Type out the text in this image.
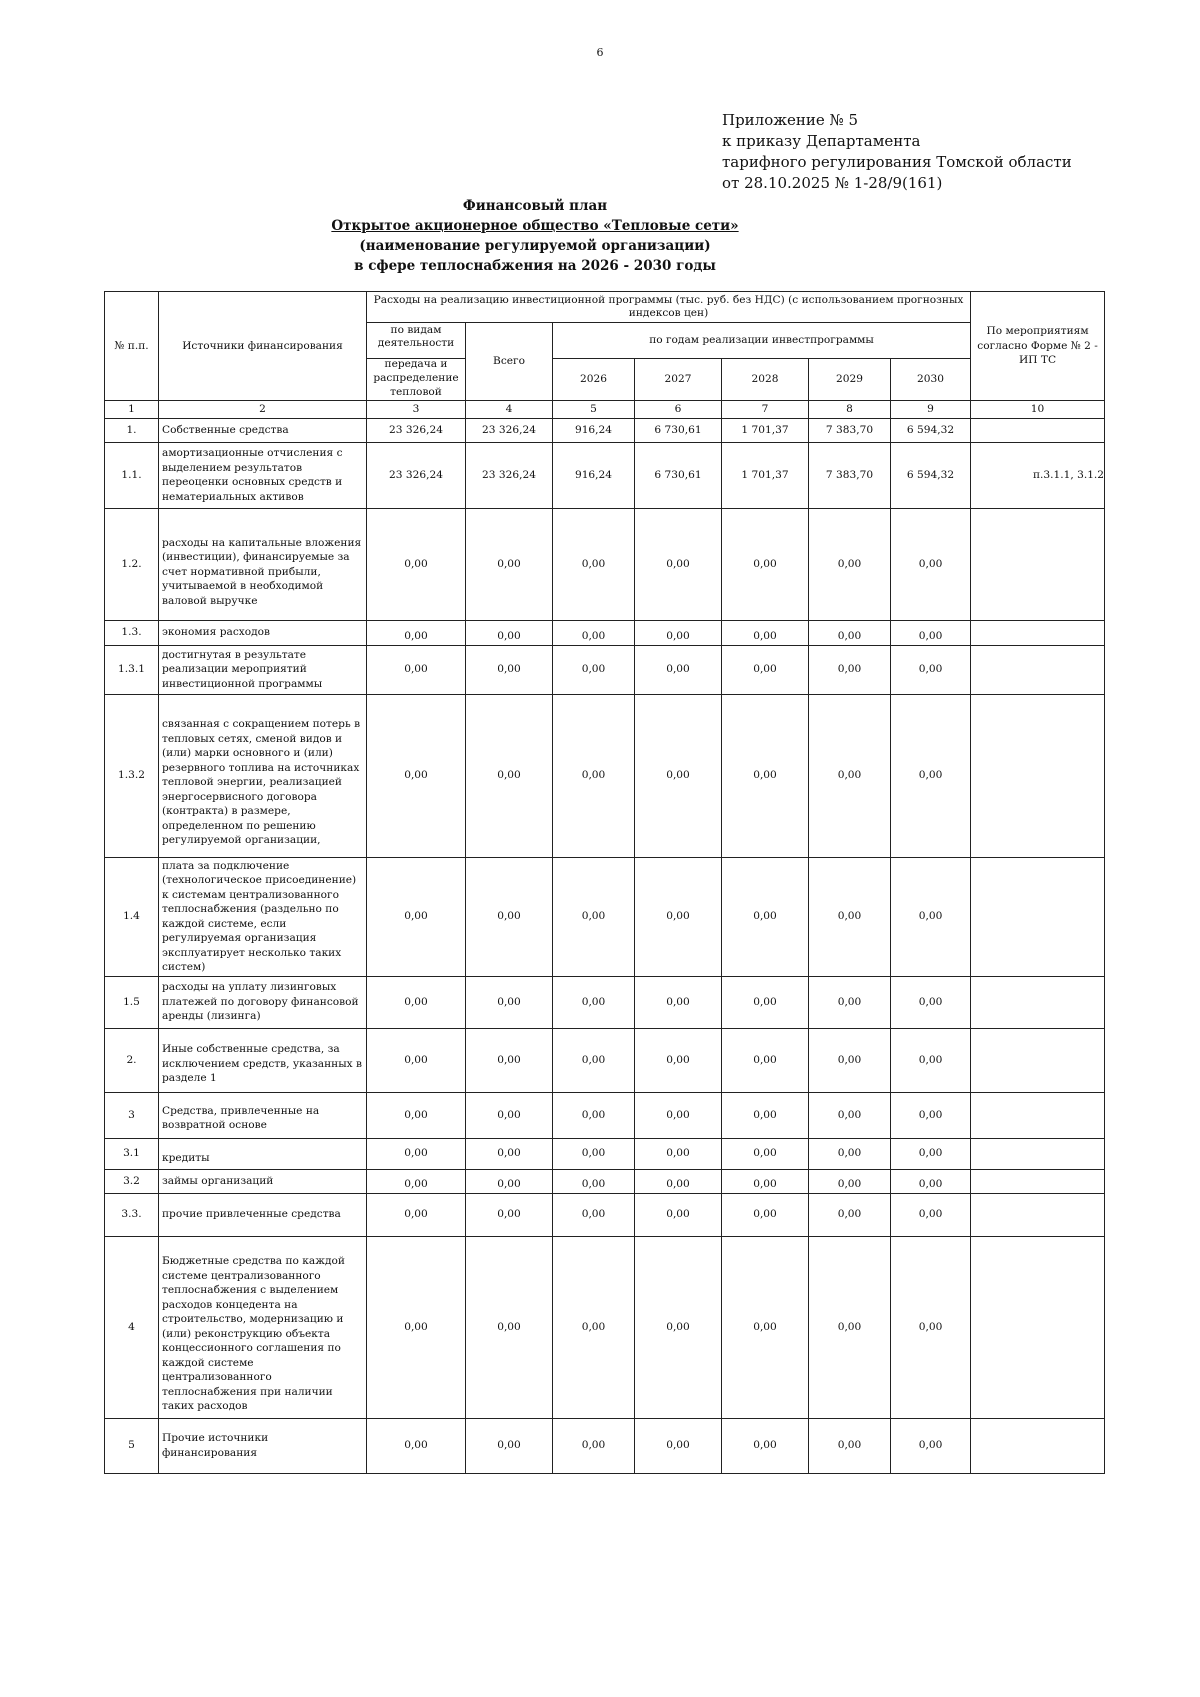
6
Приложение № 5
к приказу Департамента
тарифного регулирования Томской области
от 28.10.2025 № 1-28/9(161)
Финансовый план
Открытое акционерное общество «Тепловые сети»
(наименование регулируемой организации)
в сфере теплоснабжения на 2026 - 2030 годы
№ п.п.	Источники финансирования	Расходы на реализацию инвестиционной программы (тыс. руб. без НДС) (с использованием прогнозных индексов цен)							По мероприятиям согласно Форме № 2 - ИП ТС
		по видам деятельности	Всего	по годам реализации инвестпрограммы					

		передача и распределение тепловой		2026	2027	2028	2029	2030	
1	2	3	4	5	6	7	8	9	10
1.	Собственные средства	23 326,24	23 326,24	916,24	6 730,61	1 701,37	7 383,70	6 594,32	
1.1.	амортизационные отчисления с выделением результатов переоценки основных средств и нематериальных активов	23 326,24	23 326,24	916,24	6 730,61	1 701,37	7 383,70	6 594,32	п.3.1.1, 3.1.2
1.2.	расходы на капитальные вложения (инвестиции), финансируемые за счет нормативной прибыли, учитываемой в необходимой валовой выручке	0,00	0,00	0,00	0,00	0,00	0,00	0,00	
1.3.	экономия расходов	0,00	0,00	0,00	0,00	0,00	0,00	0,00	
1.3.1	достигнутая в результате реализации мероприятий инвестиционной программы	0,00	0,00	0,00	0,00	0,00	0,00	0,00	
1.3.2	связанная с сокращением потерь в тепловых сетях, сменой видов и (или) марки основного и (или) резервного топлива на источниках тепловой энергии, реализацией энергосервисного договора (контракта) в размере, определенном по решению регулируемой организации,	0,00	0,00	0,00	0,00	0,00	0,00	0,00	
1.4	плата за подключение (технологическое присоединение) к системам централизованного теплоснабжения (раздельно по каждой системе, если регулируемая организация эксплуатирует несколько таких систем)	0,00	0,00	0,00	0,00	0,00	0,00	0,00	
1.5	расходы на уплату лизинговых платежей по договору финансовой аренды (лизинга)	0,00	0,00	0,00	0,00	0,00	0,00	0,00	
2.	Иные собственные средства, за исключением средств, указанных в разделе 1	0,00	0,00	0,00	0,00	0,00	0,00	0,00	
3	Средства, привлеченные на возвратной основе	0,00	0,00	0,00	0,00	0,00	0,00	0,00	
3.1	кредиты	0,00	0,00	0,00	0,00	0,00	0,00	0,00	
3.2	займы организаций	0,00	0,00	0,00	0,00	0,00	0,00	0,00	
3.3.	прочие привлеченные средства	0,00	0,00	0,00	0,00	0,00	0,00	0,00	
4	Бюджетные средства по каждой системе централизованного теплоснабжения с выделением расходов концедента на строительство, модернизацию и (или) реконструкцию объекта концессионного соглашения по каждой системе централизованного теплоснабжения при наличии таких расходов	0,00	0,00	0,00	0,00	0,00	0,00	0,00	
5	Прочие источники финансирования	0,00	0,00	0,00	0,00	0,00	0,00	0,00	
